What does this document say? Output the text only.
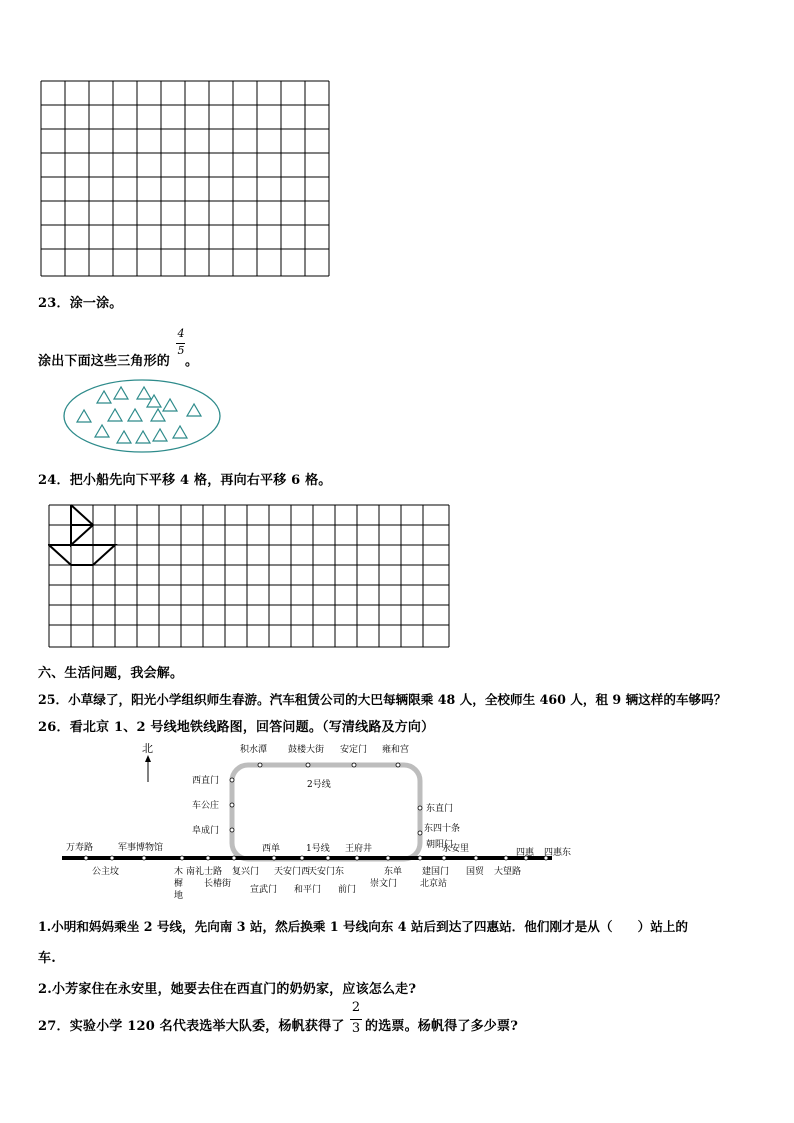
23．涂一涂。
涂出下面这些三角形的
4
5
。
24．把小船先向下平移 4 格，再向右平移 6 格。
六、生活问题，我会解。
25．小草绿了，阳光小学组织师生春游。汽车租赁公司的大巴每辆限乘 48 人，全校师生 460 人，租 9 辆这样的车够吗？
26．看北京 1、2 号线地铁线路图，回答问题。（写清线路及方向）
北
2号线
1号线
万寿路
公主坟
军事博物馆
木
樨
地
南礼士路 复兴门
西单
天安门西
天安门东
王府井
东单 建国门
永安里
国贸 大望路
四惠 四惠东
积水潭 鼓楼大街 安定门 雍和宫
东直门
东四十条
朝阳门
北京站
崇文门
前门
和平门
宣武门
长椿街
阜成门
车公庄
西直门
1.小明和妈妈乘坐 2 号线，先向南 3 站，然后换乘 1 号线向东 4 站后到达了四惠站．他们刚才是从（　　）站上的
车.
2.小芳家住在永安里，她要去住在西直门的奶奶家，应该怎么走?
27．实验小学 120 名代表选举大队委，杨帆获得了
2
3 的选票。杨帆得了多少票?
